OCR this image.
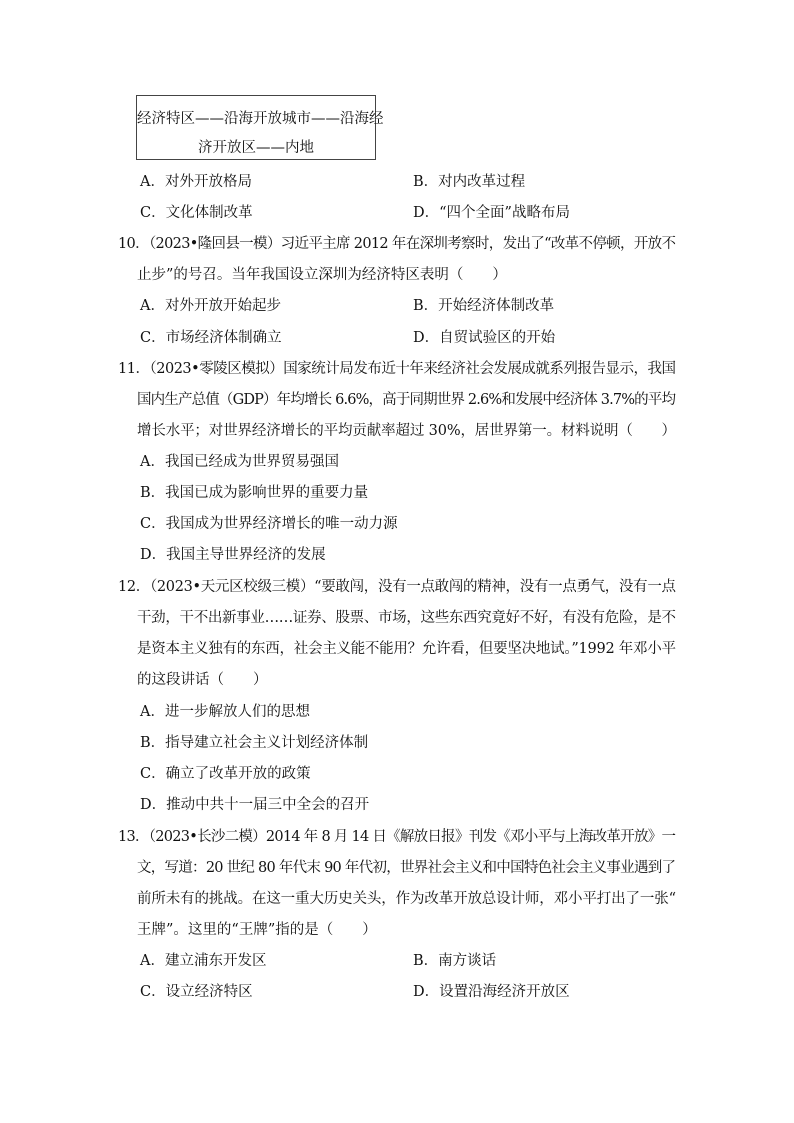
经济特区——沿海开放城市——沿海经
济开放区——内地
A．对外开放格局	B．对内改革过程
C．文化体制改革	D．“四个全面”战略布局
10．（2023•隆回县一模）习近平主席 2012 年在深圳考察时，发出了“改革不停顿，开放不
止步”的号召。当年我国设立深圳为经济特区表明（　　）
A．对外开放开始起步	B．开始经济体制改革
C．市场经济体制确立	D．自贸试验区的开始
11．（2023•零陵区模拟）国家统计局发布近十年来经济社会发展成就系列报告显示，我国
国内生产总值（GDP）年均增长 6.6%，高于同期世界 2.6%和发展中经济体 3.7%的平均
增长水平；对世界经济增长的平均贡献率超过 30%，居世界第一。材料说明（　　）
A．我国已经成为世界贸易强国
B．我国已成为影响世界的重要力量
C．我国成为世界经济增长的唯一动力源
D．我国主导世界经济的发展
12．（2023•天元区校级三模）“要敢闯，没有一点敢闯的精神，没有一点勇气，没有一点
干劲，干不出新事业……证券、股票、市场，这些东西究竟好不好，有没有危险，是不
是资本主义独有的东西，社会主义能不能用？允许看，但要坚决地试。”1992 年邓小平
的这段讲话（　　）
A．进一步解放人们的思想
B．指导建立社会主义计划经济体制
C．确立了改革开放的政策
D．推动中共十一届三中全会的召开
13．（2023•长沙二模）2014 年 8 月 14 日《解放日报》刊发《邓小平与上海改革开放》一
文，写道：20 世纪 80 年代末 90 年代初，世界社会主义和中国特色社会主义事业遇到了
前所未有的挑战。在这一重大历史关头，作为改革开放总设计师，邓小平打出了一张“
王牌”。这里的“王牌”指的是（　　）
A．建立浦东开发区	B．南方谈话
C．设立经济特区	D．设置沿海经济开放区
